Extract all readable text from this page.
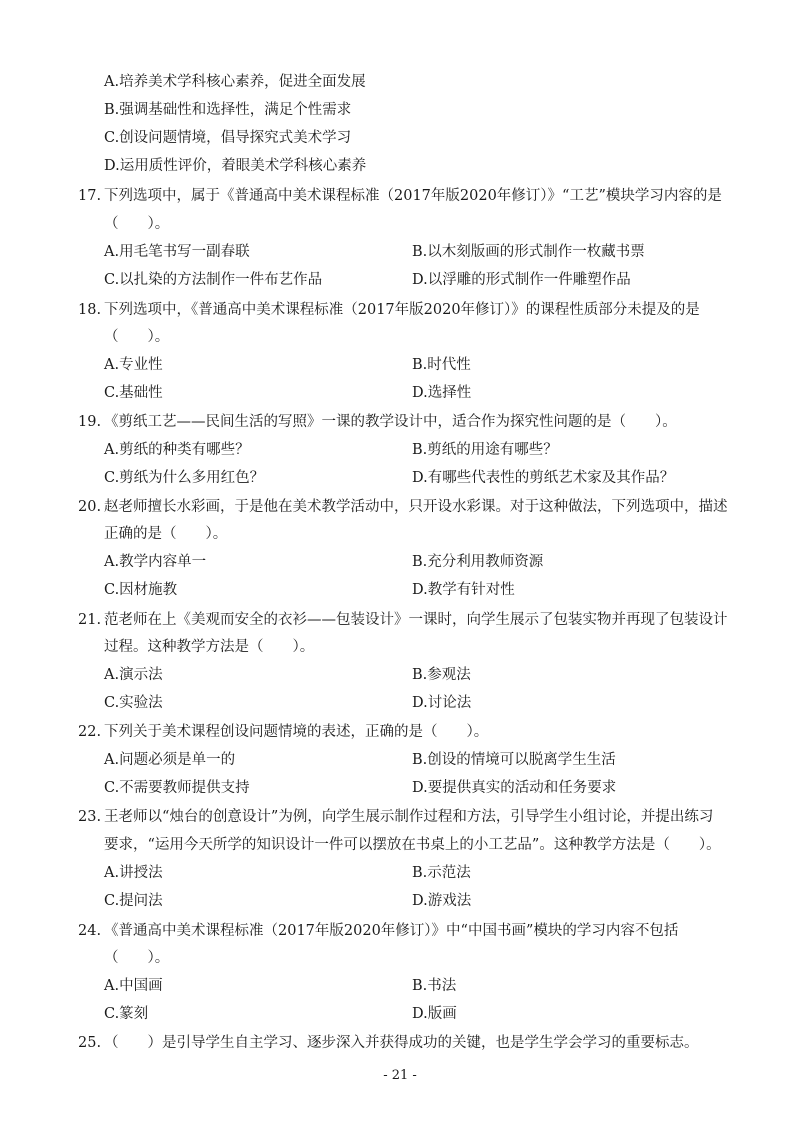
A.培养美术学科核心素养，促进全面发展
B.强调基础性和选择性，满足个性需求
C.创设问题情境，倡导探究式美术学习
D.运用质性评价，着眼美术学科核心素养
17. 下列选项中，属于《普通高中美术课程标准（2017年版2020年修订）》“工艺”模块学习内容的是
（　　）。
A.用毛笔书写一副春联	B.以木刻版画的形式制作一枚藏书票
C.以扎染的方法制作一件布艺作品	D.以浮雕的形式制作一件雕塑作品
18. 下列选项中，《普通高中美术课程标准（2017年版2020年修订）》的课程性质部分未提及的是
（　　）。
A.专业性	B.时代性
C.基础性	D.选择性
19. 《剪纸工艺——民间生活的写照》一课的教学设计中，适合作为探究性问题的是（　　）。
A.剪纸的种类有哪些？	B.剪纸的用途有哪些？
C.剪纸为什么多用红色？	D.有哪些代表性的剪纸艺术家及其作品？
20. 赵老师擅长水彩画，于是他在美术教学活动中，只开设水彩课。对于这种做法，下列选项中，描述
正确的是（　　）。
A.教学内容单一	B.充分利用教师资源
C.因材施教	D.教学有针对性
21. 范老师在上《美观而安全的衣衫——包装设计》一课时，向学生展示了包装实物并再现了包装设计
过程。这种教学方法是（　　）。
A.演示法	B.参观法
C.实验法	D.讨论法
22. 下列关于美术课程创设问题情境的表述，正确的是（　　）。
A.问题必须是单一的	B.创设的情境可以脱离学生生活
C.不需要教师提供支持	D.要提供真实的活动和任务要求
23. 王老师以“烛台的创意设计”为例，向学生展示制作过程和方法，引导学生小组讨论，并提出练习
要求，“运用今天所学的知识设计一件可以摆放在书桌上的小工艺品”。这种教学方法是（　　）。
A.讲授法	B.示范法
C.提问法	D.游戏法
24. 《普通高中美术课程标准（2017年版2020年修订）》中“中国书画”模块的学习内容不包括
（　　）。
A.中国画	B.书法
C.篆刻	D.版画
25. （　　）是引导学生自主学习、逐步深入并获得成功的关键，也是学生学会学习的重要标志。
- 21 -
